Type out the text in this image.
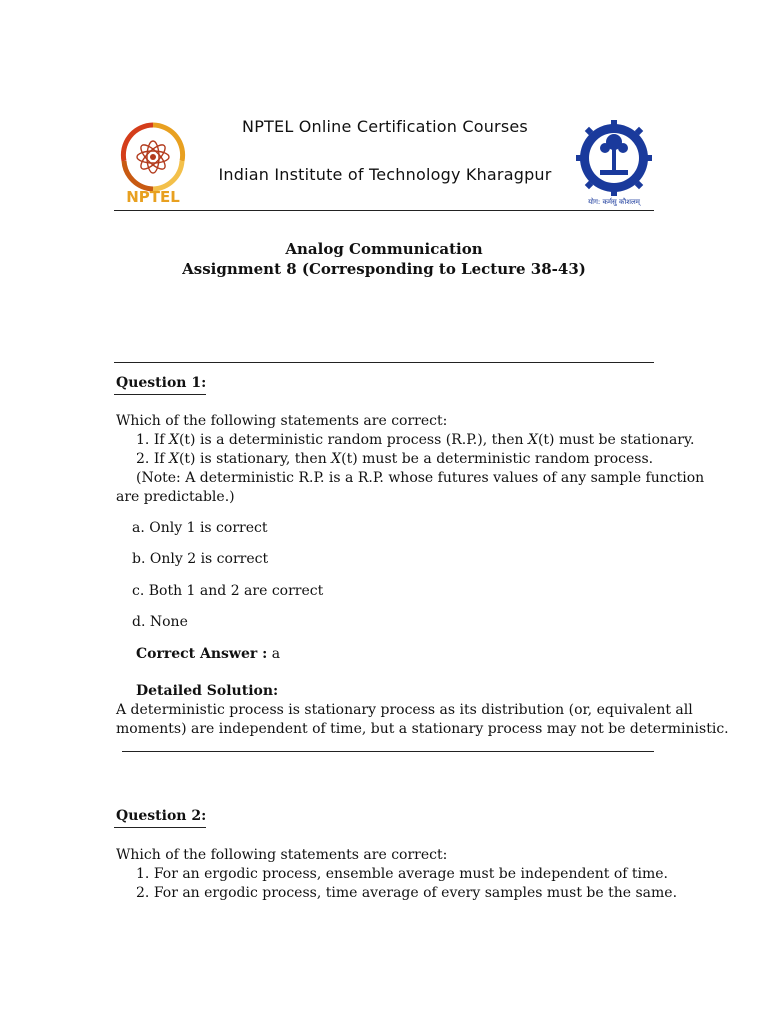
NPTEL
NPTEL Online Certification Courses
Indian Institute of Technology Kharagpur
योग: कर्मसु कौशलम्
Analog Communication
Assignment 8 (Corresponding to Lecture 38-43)
Question 1:
Which of the following statements are correct:
1. If X(t) is a deterministic random process (R.P.), then X(t) must be stationary.
2. If X(t) is stationary, then X(t) must be a deterministic random process.
(Note: A deterministic R.P. is a R.P. whose futures values of any sample function
are predictable.)
a. Only 1 is correct
b. Only 2 is correct
c. Both 1 and 2 are correct
d. None
Correct Answer : a
Detailed Solution:
A deterministic process is stationary process as its distribution (or, equivalent all
moments) are independent of time, but a stationary process may not be deterministic.
Question 2:
Which of the following statements are correct:
1. For an ergodic process, ensemble average must be independent of time.
2. For an ergodic process, time average of every samples must be the same.
